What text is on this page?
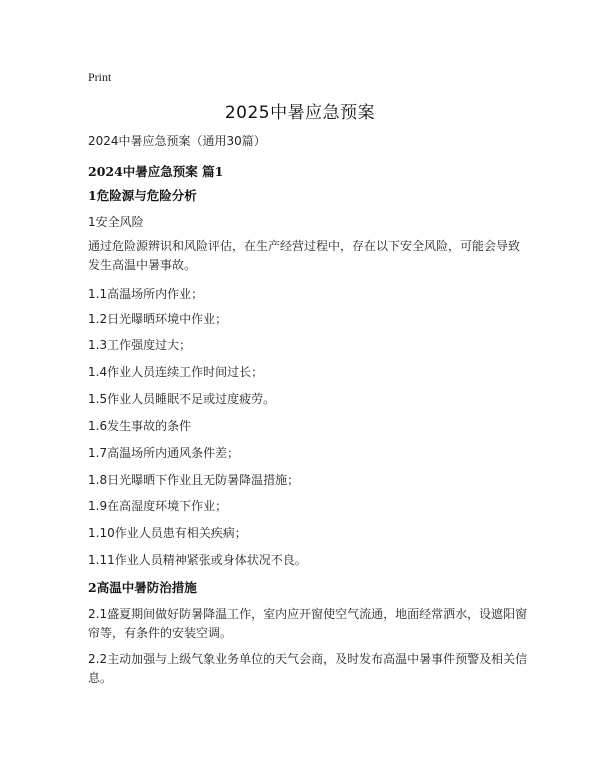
Print
2025中暑应急预案
2024中暑应急预案（通用30篇）
2024中暑应急预案 篇1
1危险源与危险分析
1安全风险
通过危险源辨识和风险评估，在生产经营过程中，存在以下安全风险，可能会导致发生高温中暑事故。
1.1高温场所内作业；
1.2日光曝晒环境中作业；
1.3工作强度过大；
1.4作业人员连续工作时间过长；
1.5作业人员睡眠不足或过度疲劳。
1.6发生事故的条件
1.7高温场所内通风条件差；
1.8日光曝晒下作业且无防暑降温措施；
1.9在高湿度环境下作业；
1.10作业人员患有相关疾病；
1.11作业人员精神紧张或身体状况不良。
2高温中暑防治措施
2.1盛夏期间做好防暑降温工作，室内应开窗使空气流通，地面经常洒水，设遮阳窗帘等，有条件的安装空调。
2.2主动加强与上级气象业务单位的天气会商，及时发布高温中暑事件预警及相关信息。
